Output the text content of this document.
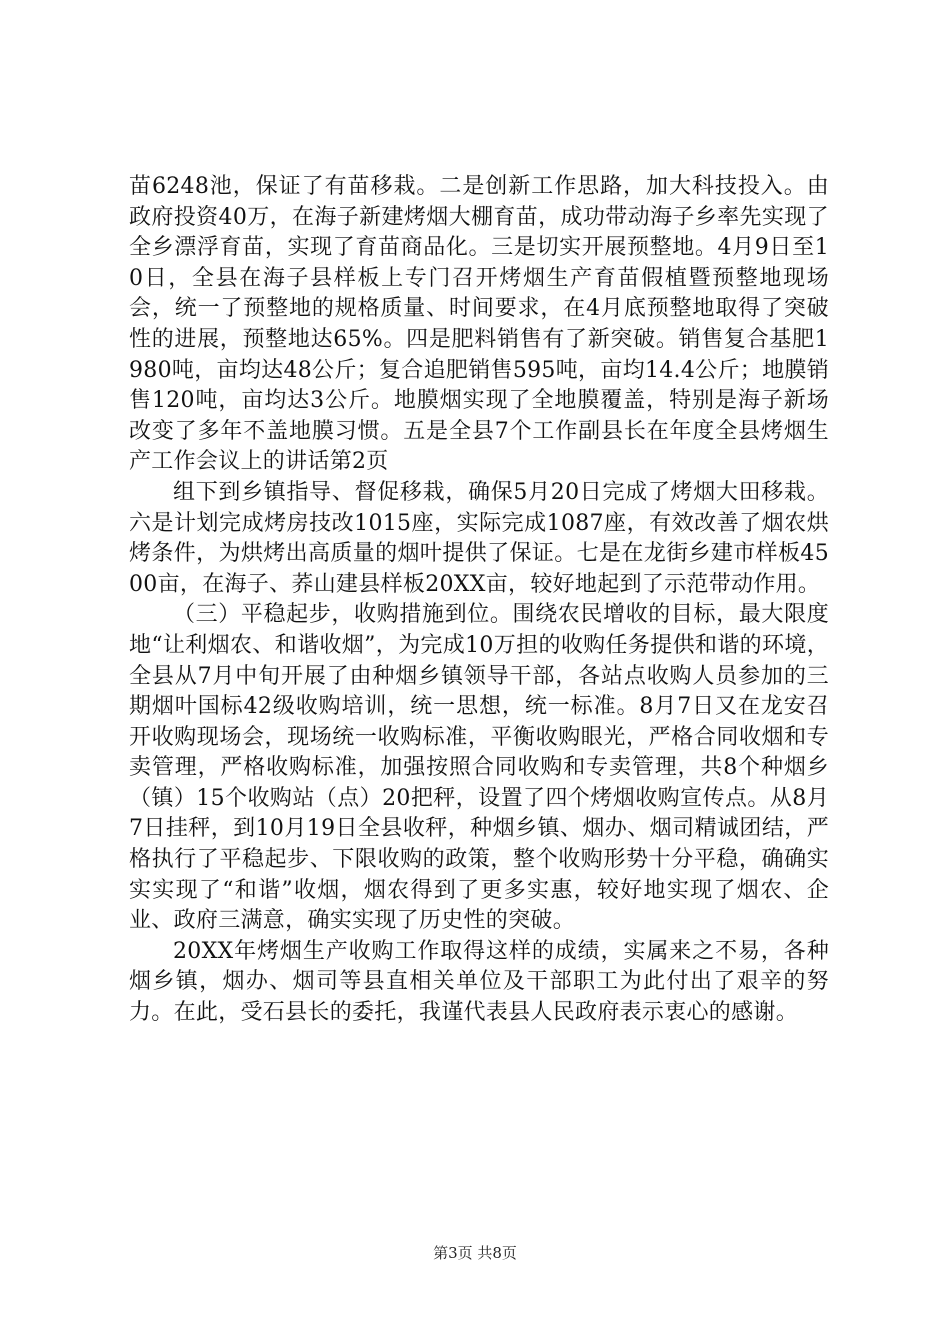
苗6248池，保证了有苗移栽。二是创新工作思路，加大科技投入。由政府投资40万，在海子新建烤烟大棚育苗，成功带动海子乡率先实现了全乡漂浮育苗，实现了育苗商品化。三是切实开展预整地。4月9日至10日，全县在海子县样板上专门召开烤烟生产育苗假植暨预整地现场会，统一了预整地的规格质量、时间要求，在4月底预整地取得了突破性的进展，预整地达65%。四是肥料销售有了新突破。销售复合基肥1980吨，亩均达48公斤；复合追肥销售595吨，亩均14.4公斤；地膜销售120吨，亩均达3公斤。地膜烟实现了全地膜覆盖，特别是海子新场改变了多年不盖地膜习惯。五是全县7个工作副县长在年度全县烤烟生产工作会议上的讲话第2页

组下到乡镇指导、督促移栽，确保5月20日完成了烤烟大田移栽。六是计划完成烤房技改1015座，实际完成1087座，有效改善了烟农烘烤条件，为烘烤出高质量的烟叶提供了保证。七是在龙街乡建市样板4500亩，在海子、荞山建县样板20XX亩，较好地起到了示范带动作用。

（三）平稳起步，收购措施到位。围绕农民增收的目标，最大限度地“让利烟农、和谐收烟”，为完成10万担的收购任务提供和谐的环境，全县从7月中旬开展了由种烟乡镇领导干部，各站点收购人员参加的三期烟叶国标42级收购培训，统一思想，统一标准。8月7日又在龙安召开收购现场会，现场统一收购标准，平衡收购眼光，严格合同收烟和专卖管理，严格收购标准，加强按照合同收购和专卖管理，共8个种烟乡（镇）15个收购站（点）20把秤，设置了四个烤烟收购宣传点。从8月7日挂秤，到10月19日全县收秤，种烟乡镇、烟办、烟司精诚团结，严格执行了平稳起步、下限收购的政策，整个收购形势十分平稳，确确实实实现了“和谐”收烟，烟农得到了更多实惠，较好地实现了烟农、企业、政府三满意，确实实现了历史性的突破。

20XX年烤烟生产收购工作取得这样的成绩，实属来之不易，各种烟乡镇，烟办、烟司等县直相关单位及干部职工为此付出了艰辛的努力。在此，受石县长的委托，我谨代表县人民政府表示衷心的感谢。

第3页 共8页
